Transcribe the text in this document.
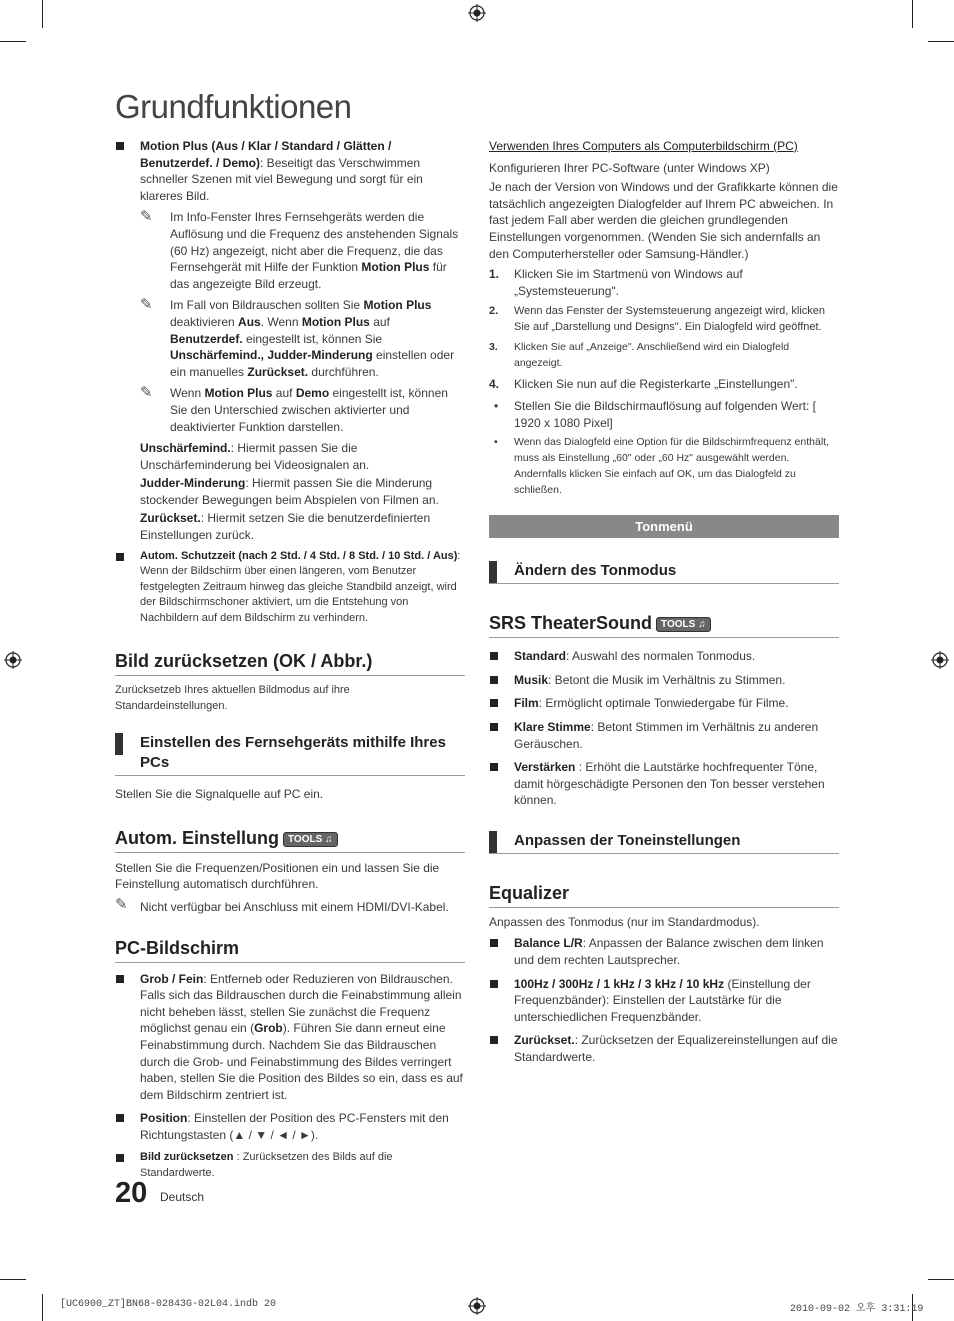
Grundfunktionen

Motion Plus (Aus / Klar / Standard / Glätten / Benutzerdef. / Demo): Beseitigt das Verschwimmen schneller Szenen mit viel Bewegung und sorgt für ein klareres Bild.

✎ Im Info-Fenster Ihres Fernsehgeräts werden die Auflösung und die Frequenz des anstehenden Signals (60 Hz) angezeigt, nicht aber die Frequenz, die das Fernsehgerät mit Hilfe der Funktion Motion Plus für das angezeigte Bild erzeugt.
✎ Im Fall von Bildrauschen sollten Sie Motion Plus deaktivieren Aus. Wenn Motion Plus auf Benutzerdef. eingestellt ist, können Sie Unschärfemind., Judder-Minderung einstellen oder ein manuelles Zurückset. durchführen.
✎ Wenn Motion Plus auf Demo eingestellt ist, können Sie den Unterschied zwischen aktivierter und deaktivierter Funktion darstellen.

Unschärfemind.: Hiermit passen Sie die Unschärfeminderung bei Videosignalen an.

Judder-Minderung: Hiermit passen Sie die Minderung stockender Bewegungen beim Abspielen von Filmen an.

Zurückset.: Hiermit setzen Sie die benutzerdefinierten Einstellungen zurück.

Autom. Schutzzeit (nach 2 Std. / 4 Std. / 8 Std. / 10 Std. / Aus): Wenn der Bildschirm über einen längeren, vom Benutzer festgelegten Zeitraum hinweg das gleiche Standbild anzeigt, wird der Bildschirmschoner aktiviert, um die Entstehung von Nachbildern auf dem Bildschirm zu verhindern.

Bild zurücksetzen (OK / Abbr.)

Zurücksetzeb Ihres aktuellen Bildmodus auf ihre Standardeinstellungen.

Einstellen des Fernsehgeräts mithilfe Ihres PCs

Stellen Sie die Signalquelle auf PC ein.

Autom. Einstellung TOOLS ♫

Stellen Sie die Frequenzen/Positionen ein und lassen Sie die Feinstellung automatisch durchführen.

✎ Nicht verfügbar bei Anschluss mit einem HDMI/DVI-Kabel.

PC-Bildschirm

Grob / Fein: Entferneb oder Reduzieren von Bildrauschen. Falls sich das Bildrauschen durch die Feinabstimmung allein nicht beheben lässt, stellen Sie zunächst die Frequenz möglichst genau ein (Grob). Führen Sie dann erneut eine Feinabstimmung durch. Nachdem Sie das Bildrauschen durch die Grob- und Feinabstimmung des Bildes verringert haben, stellen Sie die Position des Bildes so ein, dass es auf dem Bildschirm zentriert ist.

Position: Einstellen der Position des PC-Fensters mit den Richtungstasten (▲ / ▼ / ◄ / ►).

Bild zurücksetzen : Zurücksetzen des Bilds auf die Standardwerte.

Verwenden Ihres Computers als Computerbildschirm (PC)

Konfigurieren Ihrer PC-Software (unter Windows XP)

Je nach der Version von Windows und der Grafikkarte können die tatsächlich angezeigten Dialogfelder auf Ihrem PC abweichen. In fast jedem Fall aber werden die gleichen grundlegenden Einstellungen vorgenommen. (Wenden Sie sich andernfalls an den Computerhersteller oder Samsung-Händler.)

1. Klicken Sie im Startmenü von Windows auf „Systemsteuerung".

2. Wenn das Fenster der Systemsteuerung angezeigt wird, klicken Sie auf „Darstellung und Designs". Ein Dialogfeld wird geöffnet.

3. Klicken Sie auf „Anzeige". Anschließend wird ein Dialogfeld angezeigt.

4. Klicken Sie nun auf die Registerkarte „Einstellungen".

• Stellen Sie die Bildschirmauflösung auf folgenden Wert: [ 1920 x 1080 Pixel]

• Wenn das Dialogfeld eine Option für die Bildschirmfrequenz enthält, muss als Einstellung „60" oder „60 Hz" ausgewählt werden. Andernfalls klicken Sie einfach auf OK, um das Dialogfeld zu schließen.

Tonmenü
Ändern des Tonmodus
SRS TheaterSound TOOLS ♫

Standard: Auswahl des normalen Tonmodus.

Musik: Betont die Musik im Verhältnis zu Stimmen.

Film: Ermöglicht optimale Tonwiedergabe für Filme.

Klare Stimme: Betont Stimmen im Verhältnis zu anderen Geräuschen.

Verstärken : Erhöht die Lautstärke hochfrequenter Töne, damit hörgeschädigte Personen den Ton besser verstehen können.

Anpassen der Toneinstellungen
Equalizer

Anpassen des Tonmodus (nur im Standardmodus).

Balance L/R: Anpassen der Balance zwischen dem linken und dem rechten Lautsprecher.

100Hz / 300Hz / 1 kHz / 3 kHz / 10 kHz (Einstellung der Frequenzbänder): Einstellen der Lautstärke für die unterschiedlichen Frequenzbänder.

Zurückset.: Zurücksetzen der Equalizereinstellungen auf die Standardwerte.

20 Deutsch
[UC6900_ZT]BN68-02843G-02L04.indb 20	2010-09-02 오후 3:31:19
